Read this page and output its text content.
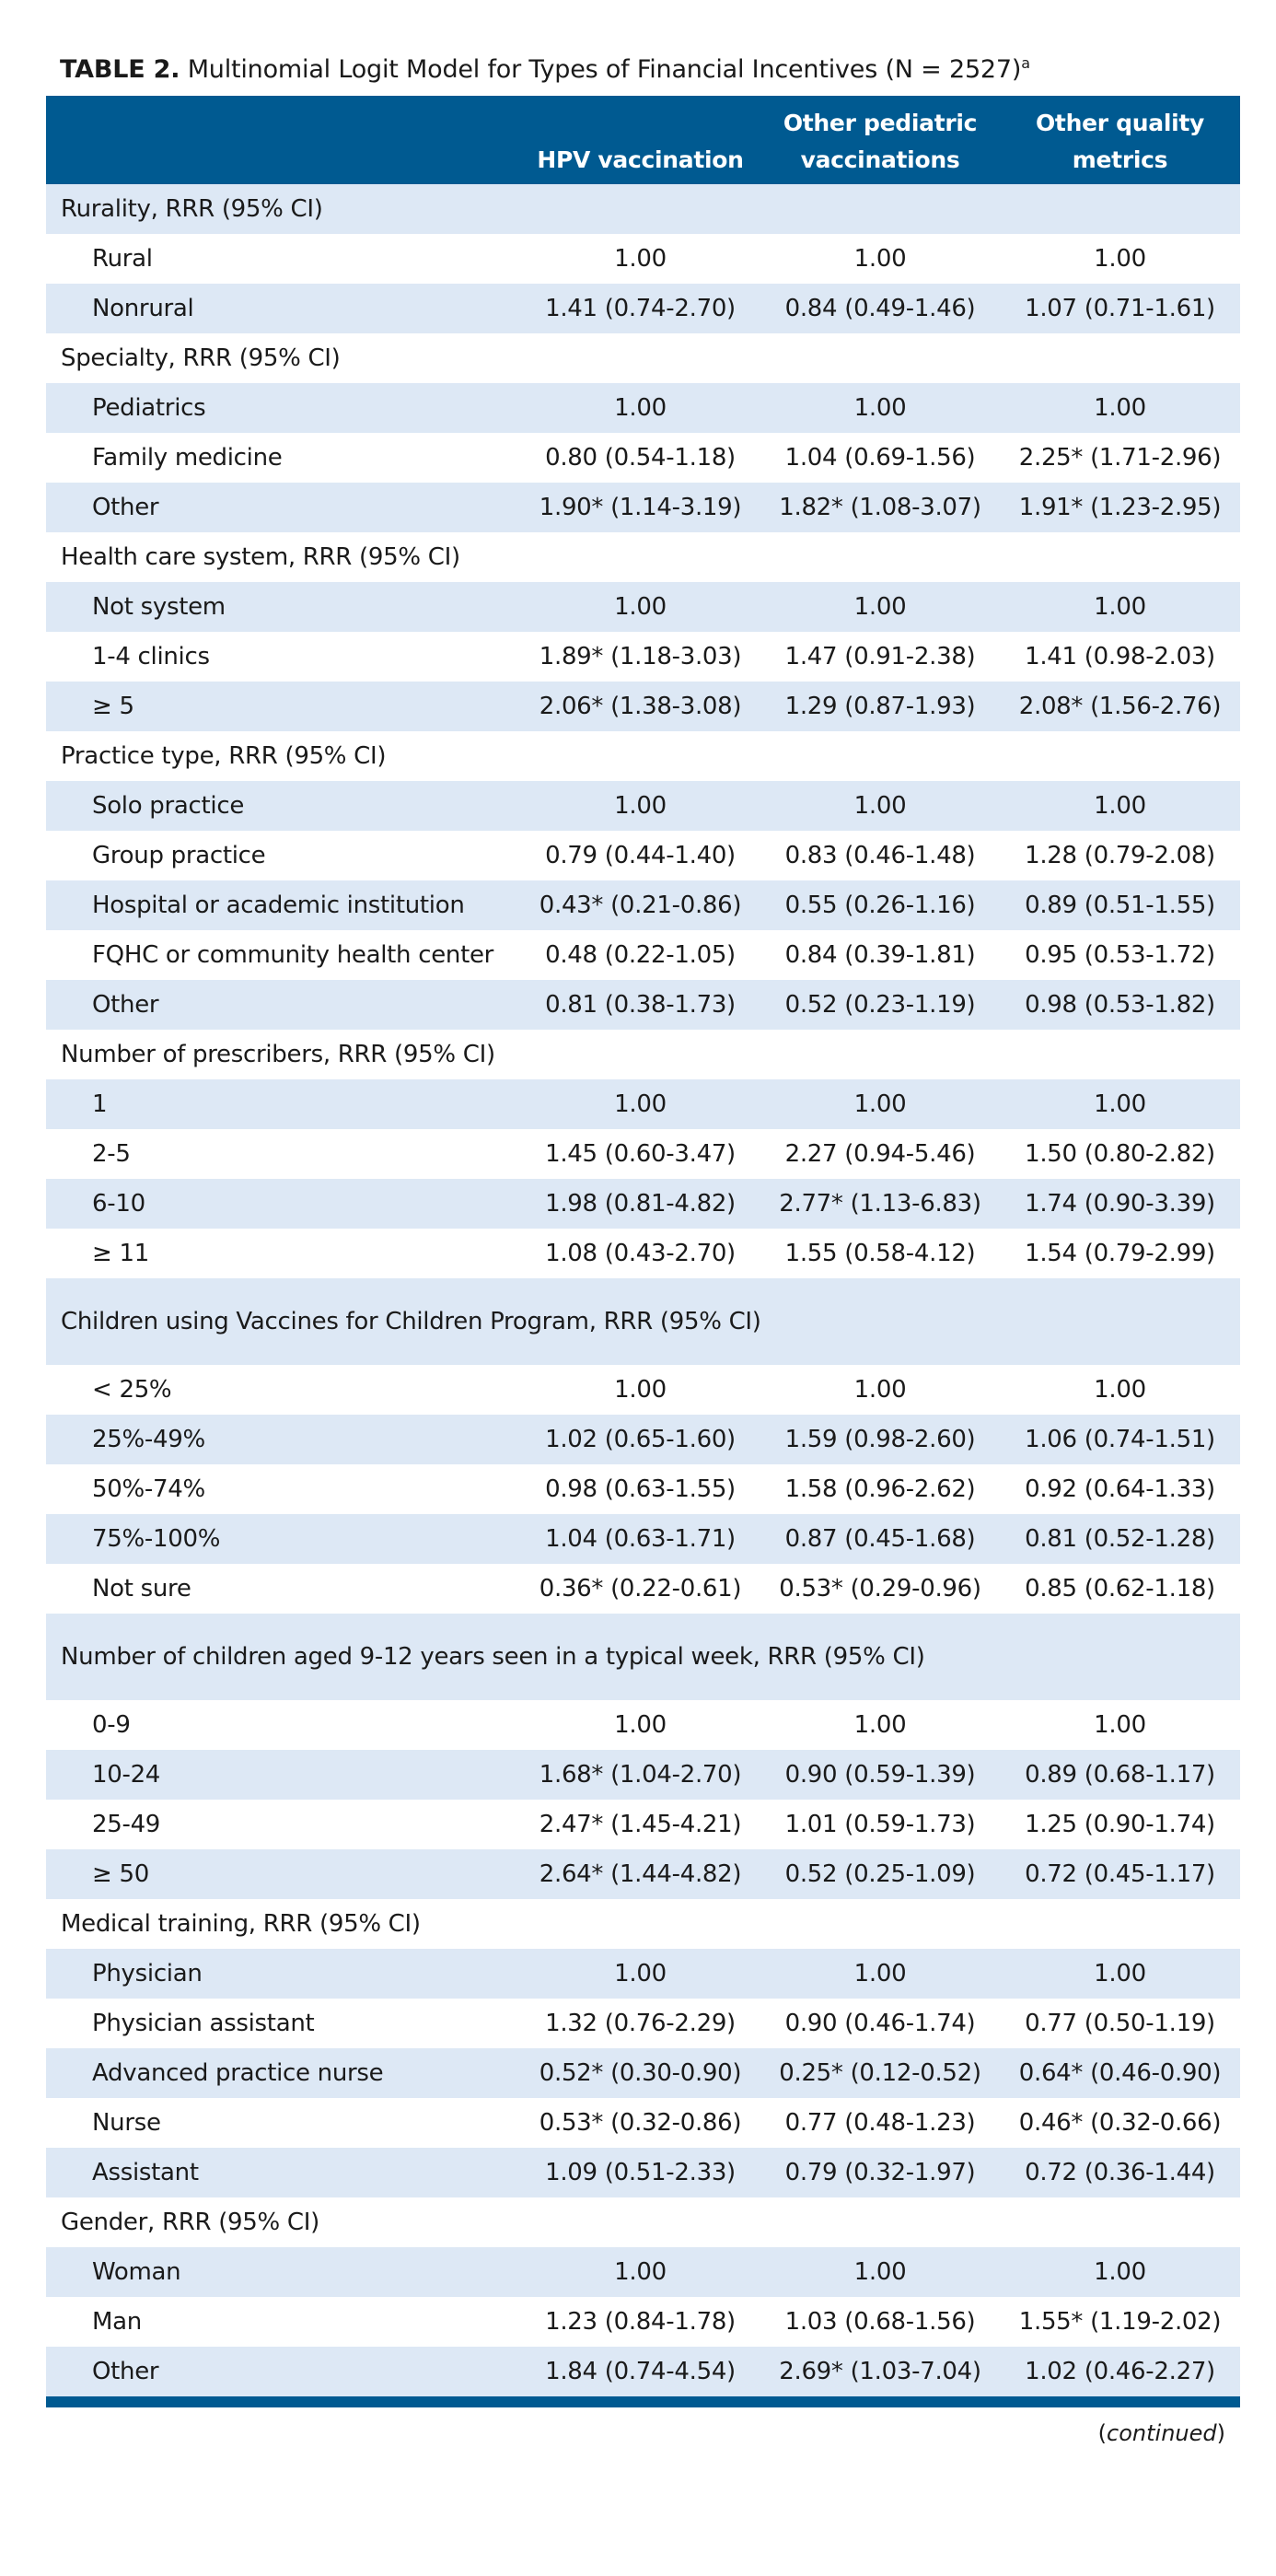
TABLE 2. Multinomial Logit Model for Types of Financial Incentives (N = 2527)$^a$
	HPV vaccination	Other pediatric vaccinations	Other quality metrics
Rurality, RRR (95% CI)			
Rural	1.00	1.00	1.00
Nonrural	1.41 (0.74-2.70)	0.84 (0.49-1.46)	1.07 (0.71-1.61)
Specialty, RRR (95% CI)			
Pediatrics	1.00	1.00	1.00
Family medicine	0.80 (0.54-1.18)	1.04 (0.69-1.56)	2.25* (1.71-2.96)
Other	1.90* (1.14-3.19)	1.82* (1.08-3.07)	1.91* (1.23-2.95)
Health care system, RRR (95% CI)			
Not system	1.00	1.00	1.00
1-4 clinics	1.89* (1.18-3.03)	1.47 (0.91-2.38)	1.41 (0.98-2.03)
≥ 5	2.06* (1.38-3.08)	1.29 (0.87-1.93)	2.08* (1.56-2.76)
Practice type, RRR (95% CI)			
Solo practice	1.00	1.00	1.00
Group practice	0.79 (0.44-1.40)	0.83 (0.46-1.48)	1.28 (0.79-2.08)
Hospital or academic institution	0.43* (0.21-0.86)	0.55 (0.26-1.16)	0.89 (0.51-1.55)
FQHC or community health center	0.48 (0.22-1.05)	0.84 (0.39-1.81)	0.95 (0.53-1.72)
Other	0.81 (0.38-1.73)	0.52 (0.23-1.19)	0.98 (0.53-1.82)
Number of prescribers, RRR (95% CI)			
1	1.00	1.00	1.00
2-5	1.45 (0.60-3.47)	2.27 (0.94-5.46)	1.50 (0.80-2.82)
6-10	1.98 (0.81-4.82)	2.77* (1.13-6.83)	1.74 (0.90-3.39)
≥ 11	1.08 (0.43-2.70)	1.55 (0.58-4.12)	1.54 (0.79-2.99)
Children using Vaccines for Children Program, RRR (95% CI)			
< 25%	1.00	1.00	1.00
25%-49%	1.02 (0.65-1.60)	1.59 (0.98-2.60)	1.06 (0.74-1.51)
50%-74%	0.98 (0.63-1.55)	1.58 (0.96-2.62)	0.92 (0.64-1.33)
75%-100%	1.04 (0.63-1.71)	0.87 (0.45-1.68)	0.81 (0.52-1.28)
Not sure	0.36* (0.22-0.61)	0.53* (0.29-0.96)	0.85 (0.62-1.18)
Number of children aged 9-12 years seen in a typical week, RRR (95% CI)			
0-9	1.00	1.00	1.00
10-24	1.68* (1.04-2.70)	0.90 (0.59-1.39)	0.89 (0.68-1.17)
25-49	2.47* (1.45-4.21)	1.01 (0.59-1.73)	1.25 (0.90-1.74)
≥ 50	2.64* (1.44-4.82)	0.52 (0.25-1.09)	0.72 (0.45-1.17)
Medical training, RRR (95% CI)			
Physician	1.00	1.00	1.00
Physician assistant	1.32 (0.76-2.29)	0.90 (0.46-1.74)	0.77 (0.50-1.19)
Advanced practice nurse	0.52* (0.30-0.90)	0.25* (0.12-0.52)	0.64* (0.46-0.90)
Nurse	0.53* (0.32-0.86)	0.77 (0.48-1.23)	0.46* (0.32-0.66)
Assistant	1.09 (0.51-2.33)	0.79 (0.32-1.97)	0.72 (0.36-1.44)
Gender, RRR (95% CI)			
Woman	1.00	1.00	1.00
Man	1.23 (0.84-1.78)	1.03 (0.68-1.56)	1.55* (1.19-2.02)
Other	1.84 (0.74-4.54)	2.69* (1.03-7.04)	1.02 (0.46-2.27)
(continued)
